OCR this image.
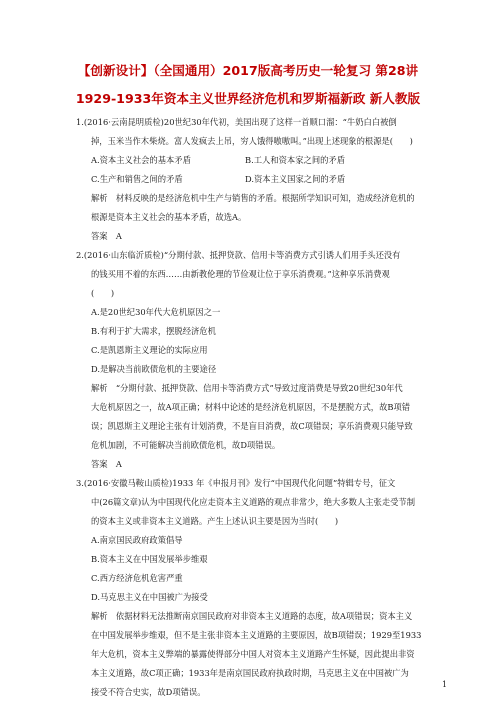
【创新设计】（全国通用）2017版高考历史一轮复习 第28讲
1929-1933年资本主义世界经济危机和罗斯福新政 新人教版
1.(2016·云南昆明质检)20世纪30年代初，美国出现了这样一首顺口溜：“牛奶白白被倒
掉，玉米当作木柴烧。富人发疯去上吊，穷人饿得嗷嗷叫。”出现上述现象的根源是(　　)
A.资本主义社会的基本矛盾	B.工人和资本家之间的矛盾
C.生产和销售之间的矛盾	D.资本主义国家之间的矛盾
解析　材料反映的是经济危机中生产与销售的矛盾。根据所学知识可知，造成经济危机的
根源是资本主义社会的基本矛盾，故选A。
答案　A
2.(2016·山东临沂质检)“分期付款、抵押贷款、信用卡等消费方式引诱人们用手头还没有
的钱买用不着的东西……由新教伦理的节俭观让位于享乐消费观。”这种享乐消费观
(　　)
A.是20世纪30年代大危机原因之一
B.有利于扩大需求，摆脱经济危机
C.是凯恩斯主义理论的实际应用
D.是解决当前欧债危机的主要途径
解析　“分期付款、抵押贷款、信用卡等消费方式”导致过度消费是导致20世纪30年代
大危机原因之一，故A项正确；材料中论述的是经济危机原因，不是摆脱方式，故B项错
误；凯恩斯主义理论主张有计划消费，不是盲目消费，故C项错误；享乐消费观只能导致
危机加剧，不可能解决当前欧债危机，故D项错误。
答案　A
3.(2016·安徽马鞍山质检)1933 年《申报月刊》发行“中国现代化问题”特辑专号，征文
中(26篇文章)认为中国现代化应走资本主义道路的观点非常少，绝大多数人主张走受节制
的资本主义或非资本主义道路。产生上述认识主要是因为当时(　　)
A.南京国民政府政策倡导
B.资本主义在中国发展举步维艰
C.西方经济危机危害严重
D.马克思主义在中国被广为接受
解析　依据材料无法推断南京国民政府对非资本主义道路的态度，故A项错误；资本主义
在中国发展举步维艰，但不是主张非资本主义道路的主要原因，故B项错误；1929至1933
年大危机，资本主义弊端的暴露使得部分中国人对资本主义道路产生怀疑，因此提出非资
本主义道路，故C项正确；1933年是南京国民政府执政时期，马克思主义在中国被广为
接受不符合史实，故D项错误。
1
